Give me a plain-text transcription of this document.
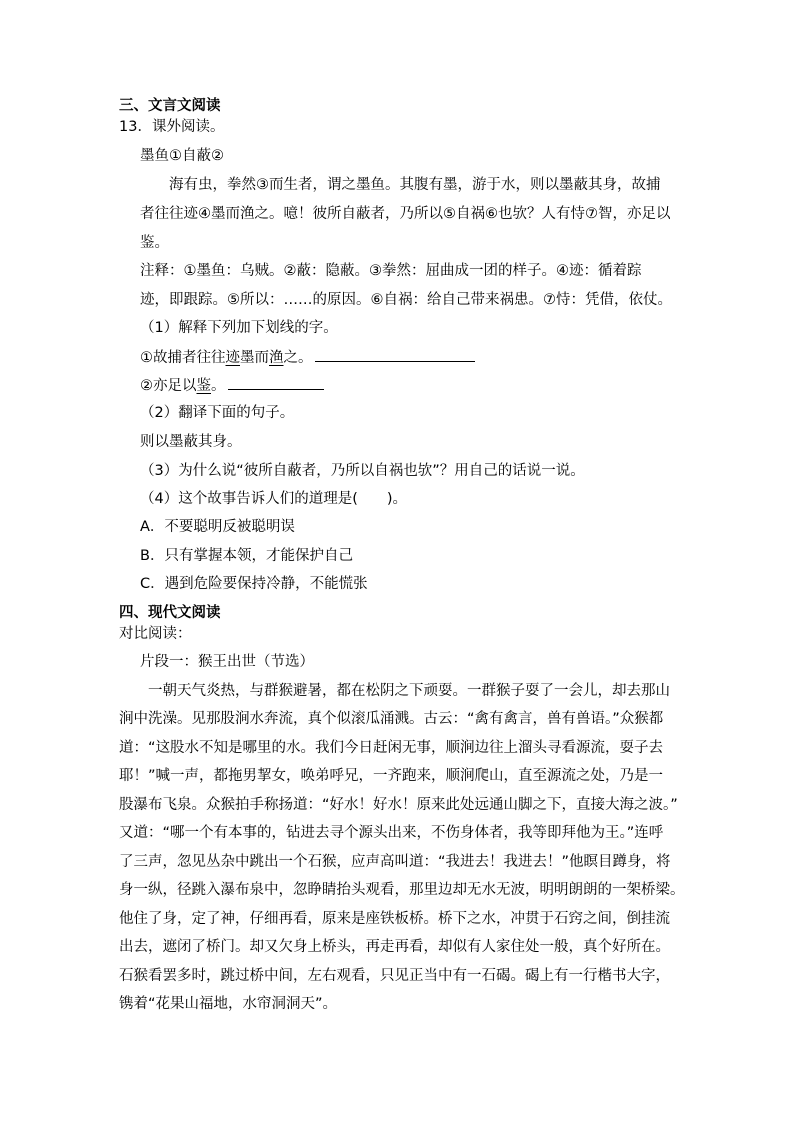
三、文言文阅读
13．课外阅读。
墨鱼①自蔽②
海有虫，拳然③而生者，谓之墨鱼。其腹有墨，游于水，则以墨蔽其身，故捕
者往往迹④墨而渔之。噫！彼所自蔽者，乃所以⑤自祸⑥也欤？人有恃⑦智，亦足以
鉴。
注释：①墨鱼：乌贼。②蔽：隐蔽。③拳然：屈曲成一团的样子。④迹：循着踪
迹，即跟踪。⑤所以：……的原因。⑥自祸：给自己带来祸患。⑦恃：凭借，依仗。
（1）解释下列加下划线的字。
①故捕者往往迹墨而渔之。
②亦足以鉴。
（2）翻译下面的句子。
则以墨蔽其身。
（3）为什么说“彼所自蔽者，乃所以自祸也欤”？用自己的话说一说。
（4）这个故事告诉人们的道理是(　　)。
A．不要聪明反被聪明误
B．只有掌握本领，才能保护自己
C．遇到危险要保持冷静，不能慌张
四、现代文阅读
对比阅读：
片段一：猴王出世（节选）
一朝天气炎热，与群猴避暑，都在松阴之下顽耍。一群猴子耍了一会儿，却去那山
涧中洗澡。见那股涧水奔流，真个似滚瓜涌溅。古云：“禽有禽言，兽有兽语。”众猴都
道：“这股水不知是哪里的水。我们今日赶闲无事，顺涧边往上溜头寻看源流，耍子去
耶！”喊一声，都拖男挈女，唤弟呼兄，一齐跑来，顺涧爬山，直至源流之处，乃是一
股瀑布飞泉。众猴拍手称扬道：“好水！好水！原来此处远通山脚之下，直接大海之波。”
又道：“哪一个有本事的，钻进去寻个源头出来，不伤身体者，我等即拜他为王。”连呼
了三声，忽见丛杂中跳出一个石猴，应声高叫道：“我进去！我进去！”他瞑目蹲身，将
身一纵，径跳入瀑布泉中，忽睁睛抬头观看，那里边却无水无波，明明朗朗的一架桥梁。
他住了身，定了神，仔细再看，原来是座铁板桥。桥下之水，冲贯于石窍之间，倒挂流
出去，遮闭了桥门。却又欠身上桥头，再走再看，却似有人家住处一般，真个好所在。
石猴看罢多时，跳过桥中间，左右观看，只见正当中有一石碣。碣上有一行楷书大字，
镌着“花果山福地，水帘洞洞天”。
